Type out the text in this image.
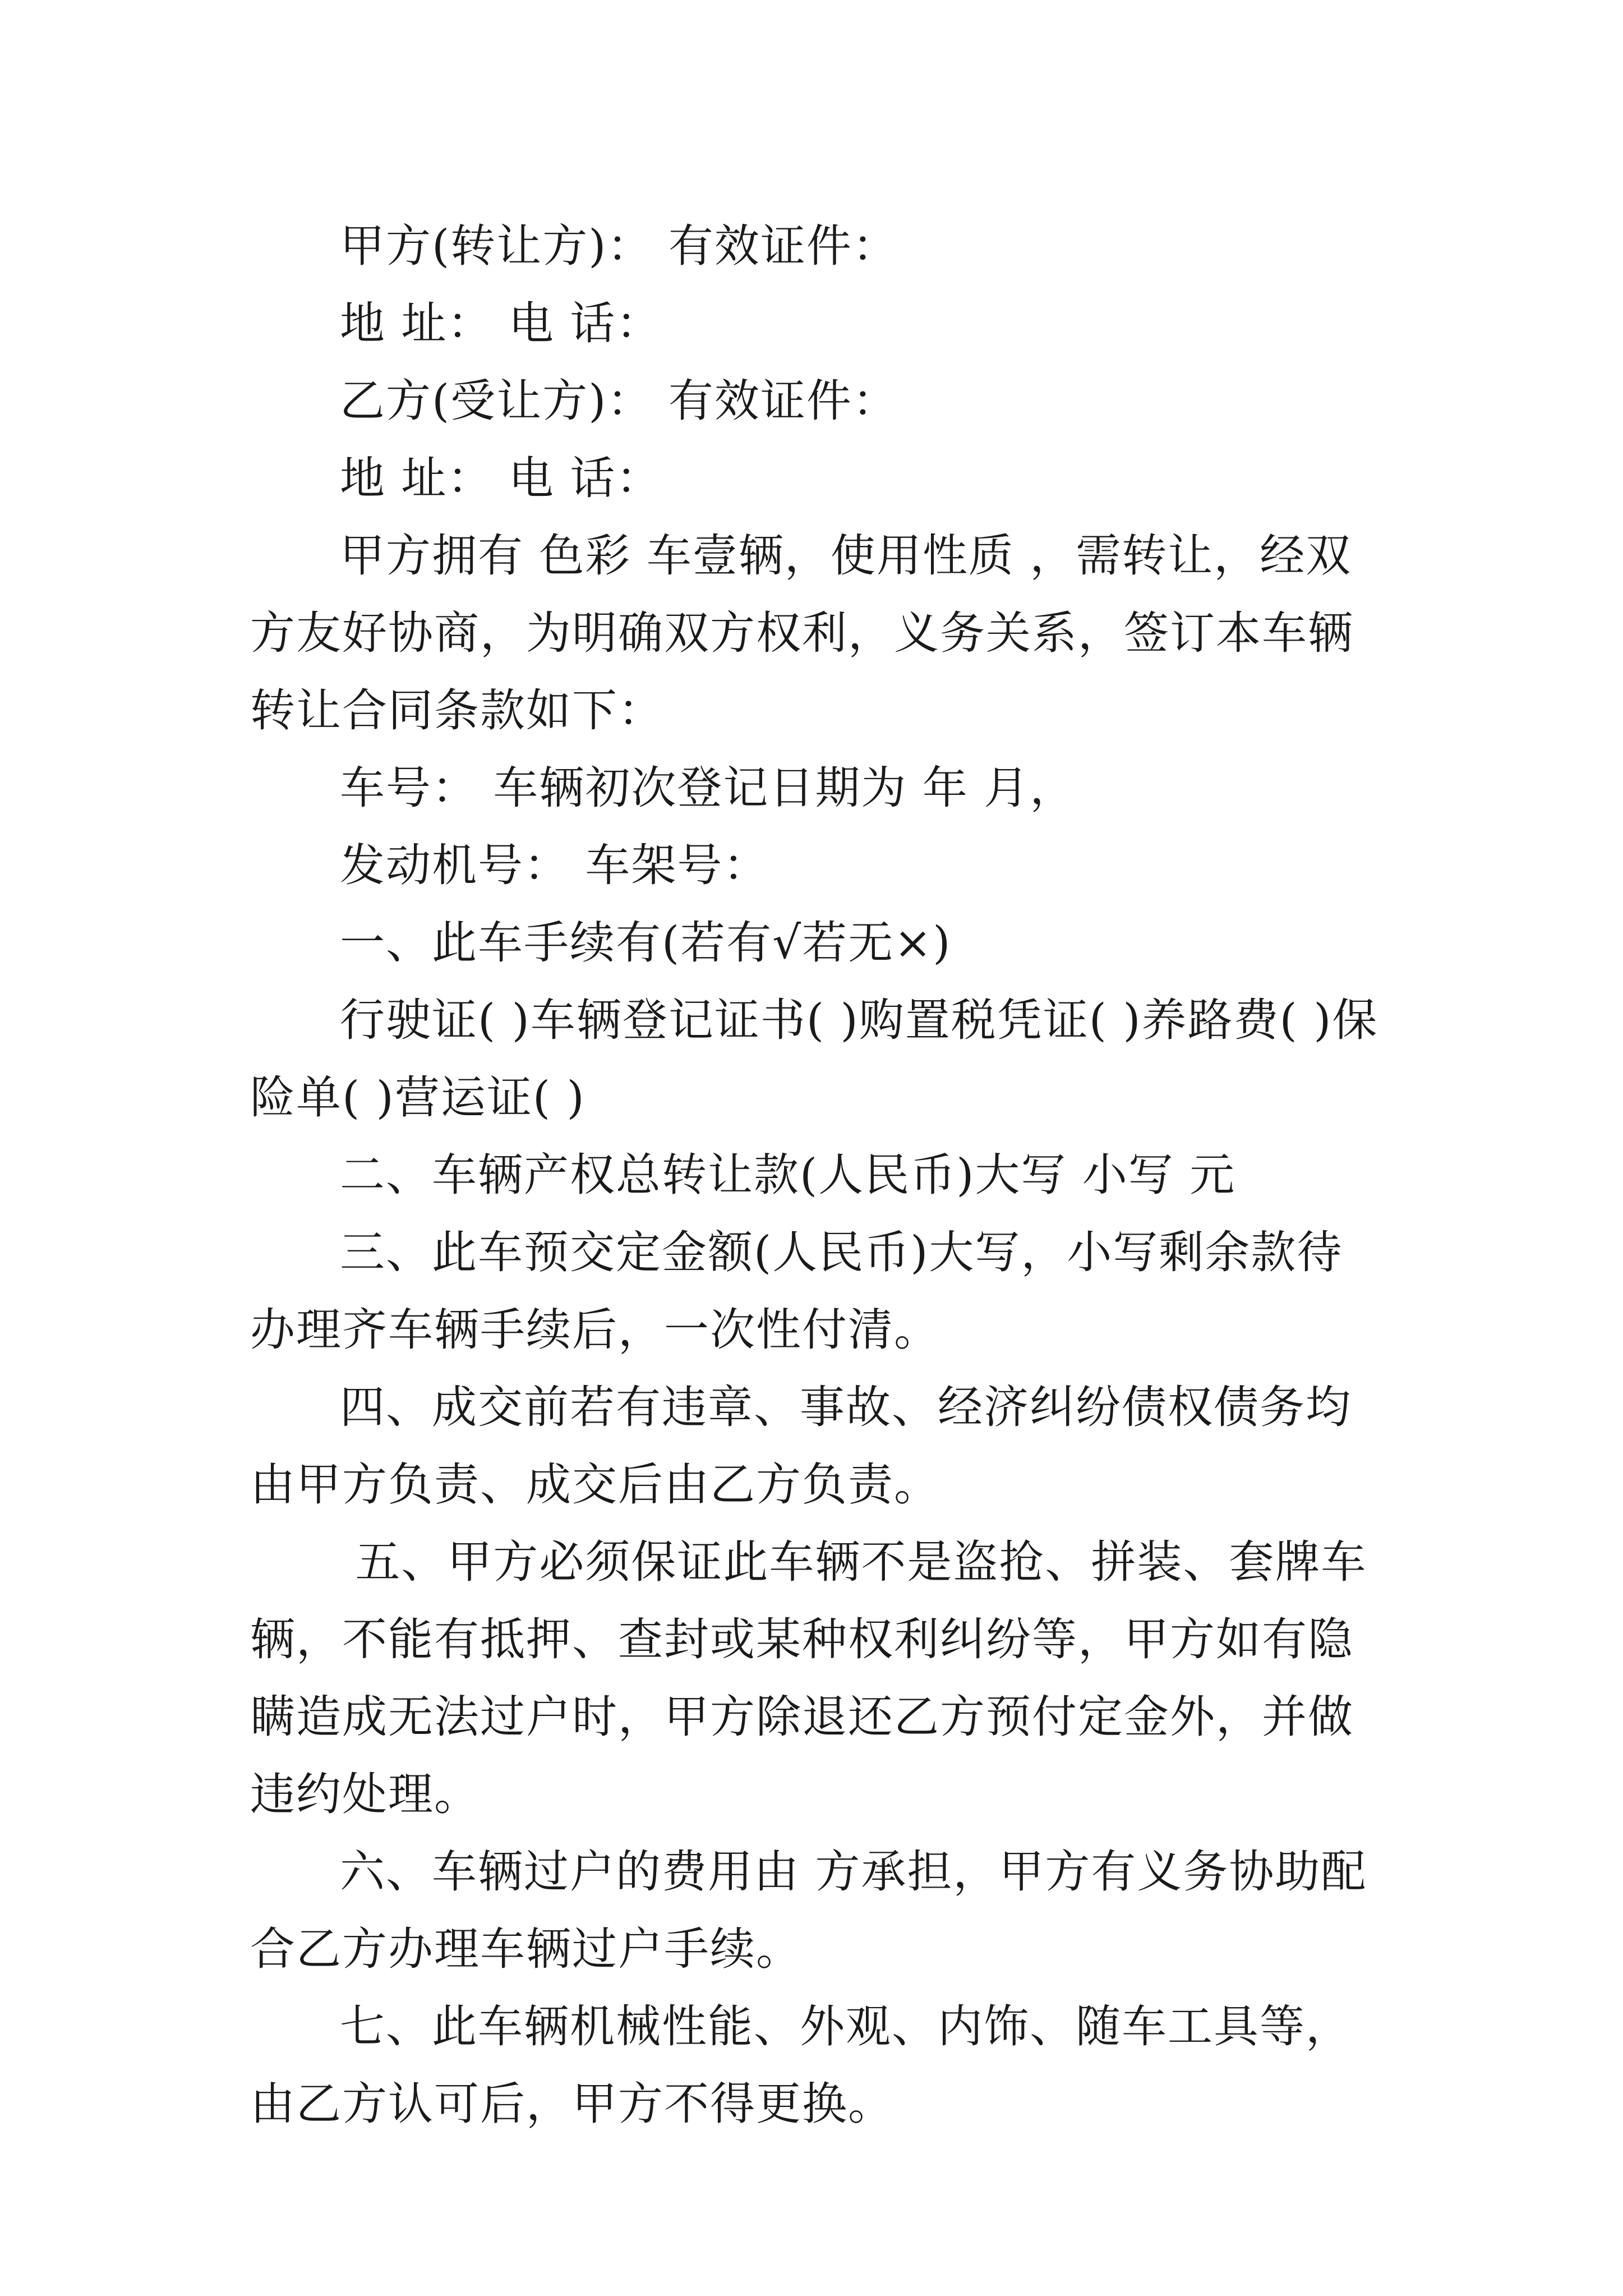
甲方(转让方)： 有效证件：

地 址： 电 话：

乙方(受让方)： 有效证件：

地 址： 电 话：

甲方拥有 色彩 车壹辆，使用性质 ，需转让，经双方友好协商，为明确双方权利，义务关系，签订本车辆转让合同条款如下：

车号： 车辆初次登记日期为 年 月，

发动机号： 车架号：

一、此车手续有(若有√若无×)

行驶证( )车辆登记证书( )购置税凭证( )养路费( )保险单( )营运证( )

二、车辆产权总转让款(人民币)大写 小写 元

三、此车预交定金额(人民币)大写，小写剩余款待办理齐车辆手续后，一次性付清。

四、成交前若有违章、事故、经济纠纷债权债务均由甲方负责、成交后由乙方负责。

五、甲方必须保证此车辆不是盗抢、拼装、套牌车辆，不能有抵押、查封或某种权利纠纷等，甲方如有隐瞒造成无法过户时，甲方除退还乙方预付定金外，并做违约处理。

六、车辆过户的费用由 方承担，甲方有义务协助配合乙方办理车辆过户手续。

七、此车辆机械性能、外观、内饰、随车工具等，由乙方认可后，甲方不得更换。
